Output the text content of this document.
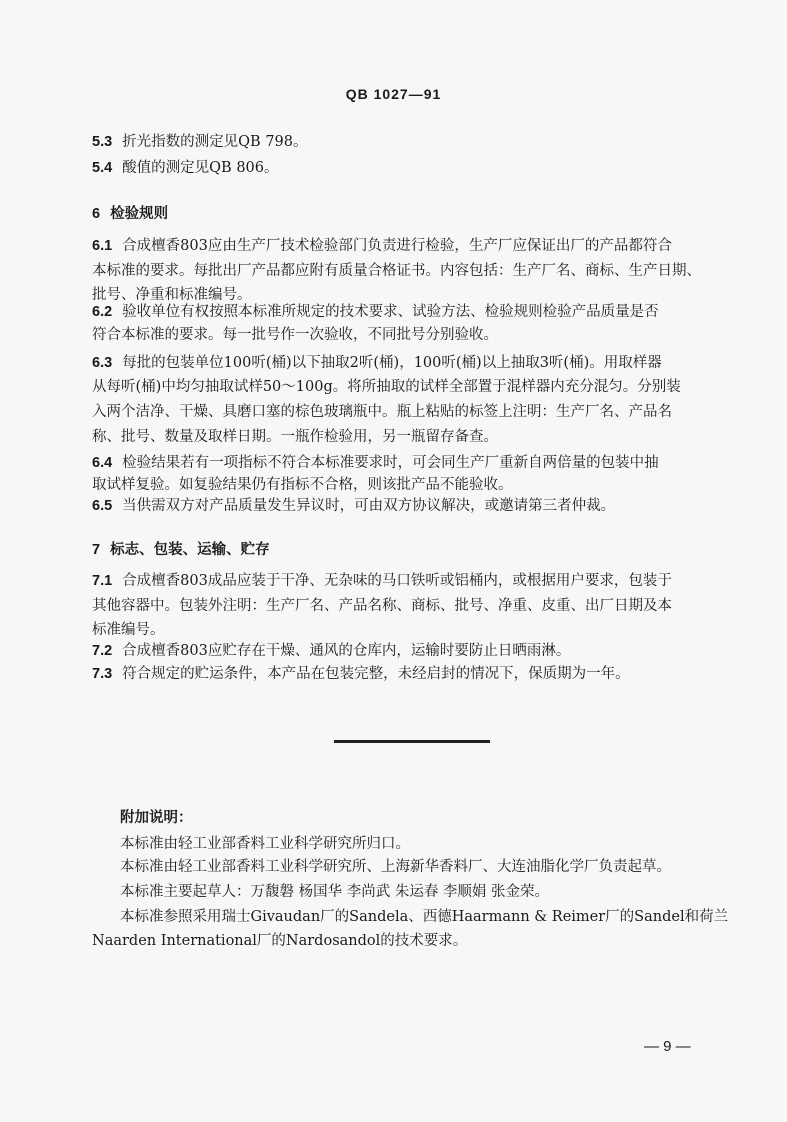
QB 1027—91
5.3 折光指数的测定见QB 798。
5.4 酸值的测定见QB 806。
6 检验规则
6.1 合成檀香803应由生产厂技术检验部门负责进行检验，生产厂应保证出厂的产品都符合
本标准的要求。每批出厂产品都应附有质量合格证书。内容包括：生产厂名、商标、生产日期、
批号、净重和标准编号。
6.2 验收单位有权按照本标准所规定的技术要求、试验方法、检验规则检验产品质量是否
符合本标准的要求。每一批号作一次验收，不同批号分别验收。
6.3 每批的包装单位100听(桶)以下抽取2听(桶)，100听(桶)以上抽取3听(桶)。用取样器
从每听(桶)中均匀抽取试样50～100g。将所抽取的试样全部置于混样器内充分混匀。分别装
入两个洁净、干燥、具磨口塞的棕色玻璃瓶中。瓶上粘贴的标签上注明：生产厂名、产品名
称、批号、数量及取样日期。一瓶作检验用，另一瓶留存备查。
6.4 检验结果若有一项指标不符合本标准要求时，可会同生产厂重新自两倍量的包装中抽
取试样复验。如复验结果仍有指标不合格，则该批产品不能验收。
6.5 当供需双方对产品质量发生异议时，可由双方协议解决，或邀请第三者仲裁。
7 标志、包装、运输、贮存
7.1 合成檀香803成品应装于干净、无杂味的马口铁听或铝桶内，或根据用户要求，包装于
其他容器中。包装外注明：生产厂名、产品名称、商标、批号、净重、皮重、出厂日期及本
标准编号。
7.2 合成檀香803应贮存在干燥、通风的仓库内，运输时要防止日晒雨淋。
7.3 符合规定的贮运条件，本产品在包装完整，未经启封的情况下，保质期为一年。
附加说明：
本标准由轻工业部香料工业科学研究所归口。
本标准由轻工业部香料工业科学研究所、上海新华香料厂、大连油脂化学厂负责起草。
本标准主要起草人：万馥磐 杨国华 李尚武 朱运春 李顺娟 张金荣。
本标准参照采用瑞士Givaudan厂的Sandela、西德Haarmann & Reimer厂的Sandel和荷兰
Naarden International厂的Nardosandol的技术要求。
— 9 —
